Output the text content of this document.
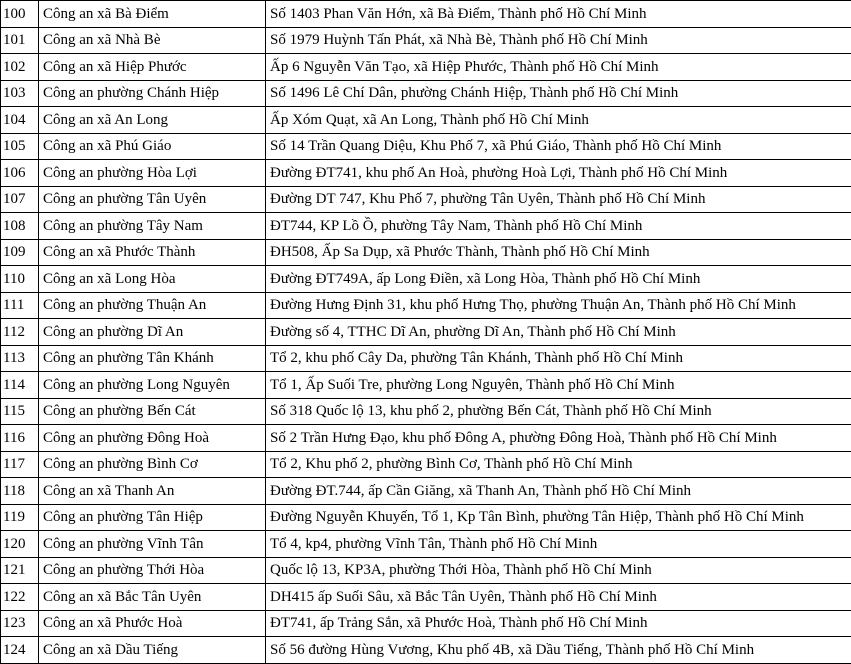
100	Công an xã Bà Điểm	Số 1403 Phan Văn Hớn, xã Bà Điểm, Thành phố Hồ Chí Minh
101	Công an xã Nhà Bè	Số 1979 Huỳnh Tấn Phát, xã Nhà Bè, Thành phố Hồ Chí Minh
102	Công an xã Hiệp Phước	Ấp 6 Nguyễn Văn Tạo, xã Hiệp Phước, Thành phố Hồ Chí Minh
103	Công an phường Chánh Hiệp	Số 1496 Lê Chí Dân, phường Chánh Hiệp, Thành phố Hồ Chí Minh
104	Công an xã An Long	Ấp Xóm Quạt, xã An Long, Thành phố Hồ Chí Minh
105	Công an xã Phú Giáo	Số 14 Trần Quang Diệu, Khu Phố 7, xã Phú Giáo, Thành phố Hồ Chí Minh
106	Công an phường Hòa Lợi	Đường ĐT741, khu phố An Hoà, phường Hoà Lợi, Thành phố Hồ Chí Minh
107	Công an phường Tân Uyên	Đường DT 747, Khu Phố 7, phường Tân Uyên, Thành phố Hồ Chí Minh
108	Công an phường Tây Nam	ĐT744, KP Lồ Ồ, phường Tây Nam, Thành phố Hồ Chí Minh
109	Công an xã Phước Thành	ĐH508, Ấp Sa Dụp, xã Phước Thành, Thành phố Hồ Chí Minh
110	Công an xã Long Hòa	Đường ĐT749A, ấp Long Điền, xã Long Hòa, Thành phố Hồ Chí Minh
111	Công an phường Thuận An	Đường Hưng Định 31, khu phố Hưng Thọ, phường Thuận An, Thành phố Hồ Chí Minh
112	Công an phường Dĩ An	Đường số 4, TTHC Dĩ An, phường Dĩ An, Thành phố Hồ Chí Minh
113	Công an phường Tân Khánh	Tổ 2, khu phố Cây Da, phường Tân Khánh, Thành phố Hồ Chí Minh
114	Công an phường Long Nguyên	Tổ 1, Ấp Suối Tre, phường Long Nguyên, Thành phố Hồ Chí Minh
115	Công an phường Bến Cát	Số 318 Quốc lộ 13, khu phố 2, phường Bến Cát, Thành phố Hồ Chí Minh
116	Công an phường Đông Hoà	Số 2 Trần Hưng Đạo, khu phố Đông A, phường Đông Hoà, Thành phố Hồ Chí Minh
117	Công an phường Bình Cơ	Tổ 2, Khu phố 2, phường Bình Cơ, Thành phố Hồ Chí Minh
118	Công an xã Thanh An	Đường ĐT.744, ấp Cần Giăng, xã Thanh An, Thành phố Hồ Chí Minh
119	Công an phường Tân Hiệp	Đường Nguyễn Khuyến, Tổ 1, Kp Tân Bình, phường Tân Hiệp, Thành phố Hồ Chí Minh
120	Công an phường Vĩnh Tân	Tổ 4, kp4, phường Vĩnh Tân, Thành phố Hồ Chí Minh
121	Công an phường Thới Hòa	Quốc lộ 13, KP3A, phường Thới Hòa, Thành phố Hồ Chí Minh
122	Công an xã Bắc Tân Uyên	DH415 ấp Suối Sâu, xã Bắc Tân Uyên, Thành phố Hồ Chí Minh
123	Công an xã Phước Hoà	ĐT741, ấp Trảng Sắn, xã Phước Hoà, Thành phố Hồ Chí Minh
124	Công an xã Dầu Tiếng	Số 56 đường Hùng Vương, Khu phố 4B, xã Dầu Tiếng, Thành phố Hồ Chí Minh
